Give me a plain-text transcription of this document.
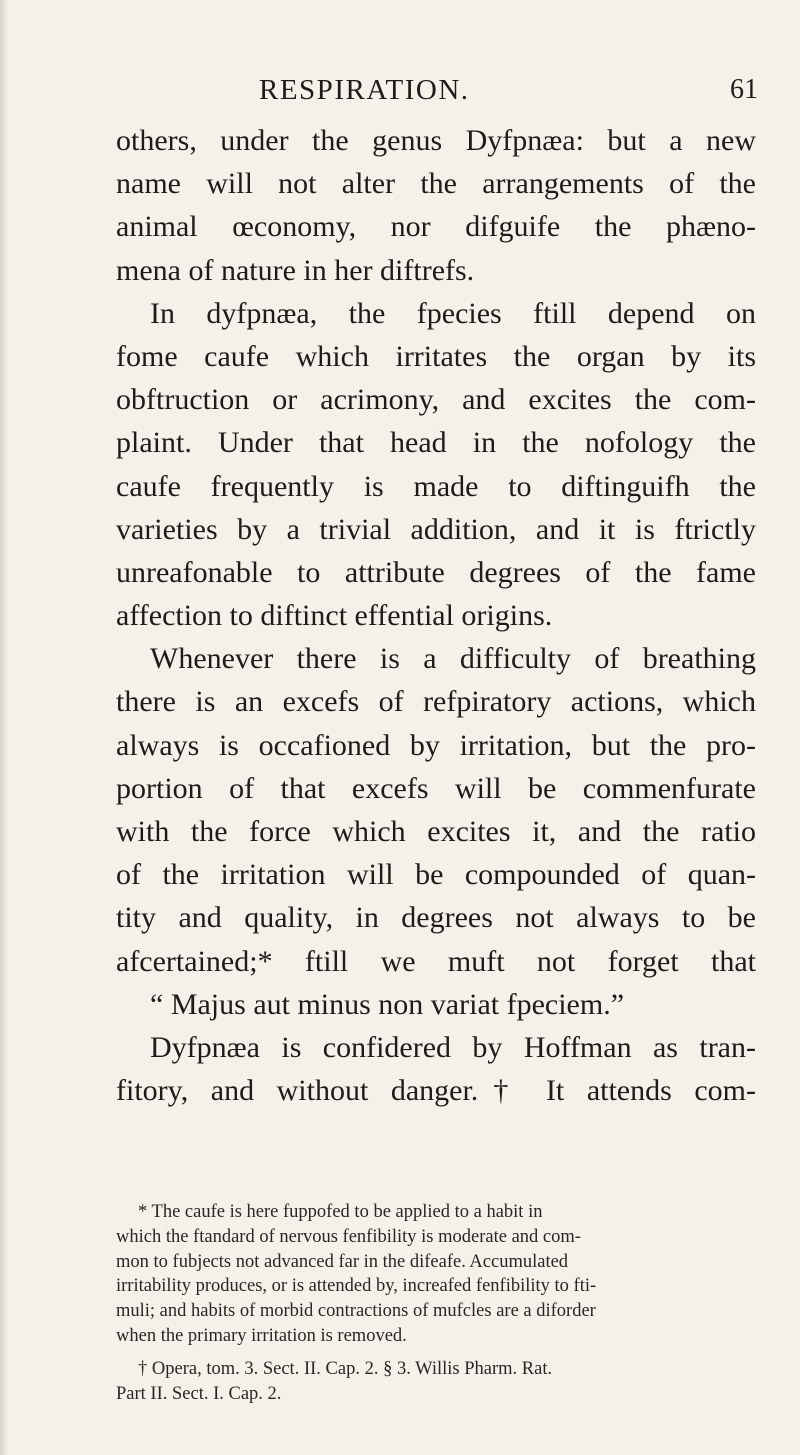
RESPIRATION.	61
others, under the genus Dyfpnæa: but a new
name will not alter the arrangements of the
animal œconomy, nor difguife the phæno-
mena of nature in her diftrefs.
In dyfpnæa, the fpecies ftill depend on
fome caufe which irritates the organ by its
obftruction or acrimony, and excites the com-
plaint. Under that head in the nofology the
caufe frequently is made to diftinguifh the
varieties by a trivial addition, and it is ftrictly
unreafonable to attribute degrees of the fame
affection to diftinct effential origins.
Whenever there is a difficulty of breathing
there is an excefs of refpiratory actions, which
always is occafioned by irritation, but the pro-
portion of that excefs will be commenfurate
with the force which excites it, and the ratio
of the irritation will be compounded of quan-
tity and quality, in degrees not always to be
afcertained;* ftill we muft not forget that
“ Majus aut minus non variat fpeciem.”
Dyfpnæa is confidered by Hoffman as tran-
fitory, and without danger.† It attends com-
* The caufe is here fuppofed to be applied to a habit in
which the ftandard of nervous fenfibility is moderate and com-
mon to fubjects not advanced far in the difeafe. Accumulated
irritability produces, or is attended by, increafed fenfibility to fti-
muli; and habits of morbid contractions of mufcles are a diforder
when the primary irritation is removed.
† Opera, tom. 3. Sect. II. Cap. 2. § 3. Willis Pharm. Rat.
Part II. Sect. I. Cap. 2.
